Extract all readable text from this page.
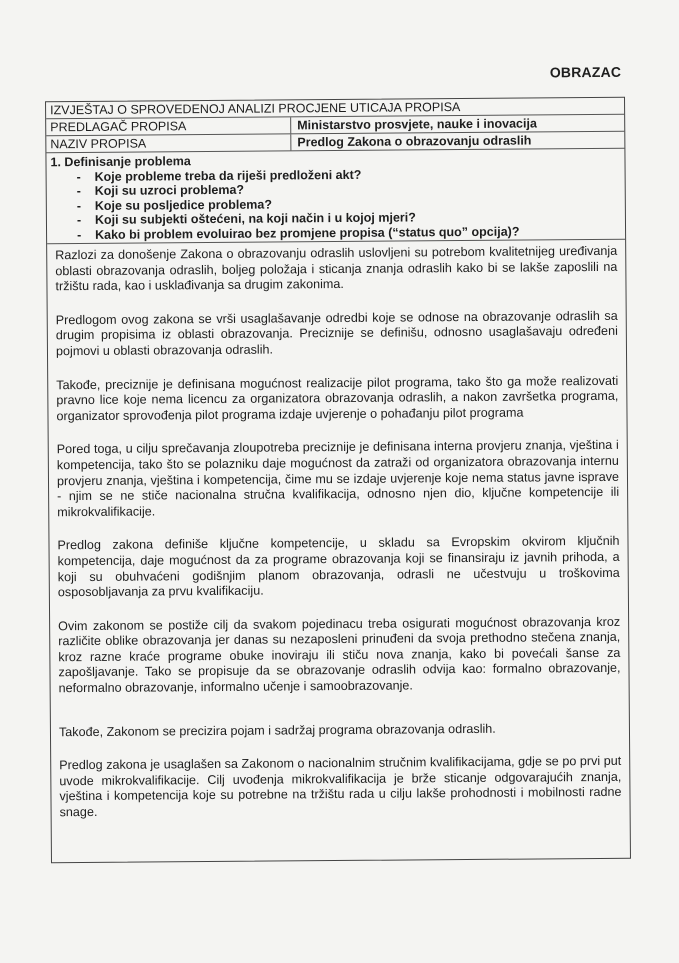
OBRAZAC
IZVJEŠTAJ O SPROVEDENOJ ANALIZI PROCJENE UTICAJA PROPISA
PREDLAGAČ PROPISA	Ministarstvo prosvjete, nauke i inovacija
NAZIV PROPISA	Predlog Zakona o obrazovanju odraslih
1. Definisanje problema
- Koje probleme treba da riješi predloženi akt?
- Koji su uzroci problema?
- Koje su posljedice problema?
- Koji su subjekti oštećeni, na koji način i u kojoj mjeri?
- Kako bi problem evoluirao bez promjene propisa (“status quo” opcija)?

Razlozi za donošenje Zakona o obrazovanju odraslih uslovljeni su potrebom kvalitetnijeg uređivanja oblasti obrazovanja odraslih, boljeg položaja i sticanja znanja odraslih kako bi se lakše zaposlili na tržištu rada, kao i usklađivanja sa drugim zakonima.

Predlogom ovog zakona se vrši usaglašavanje odredbi koje se odnose na obrazovanje odraslih sa drugim propisima iz oblasti obrazovanja. Preciznije se definišu, odnosno usaglašavaju određeni pojmovi u oblasti obrazovanja odraslih.

Takođe, preciznije je definisana mogućnost realizacije pilot programa, tako što ga može realizovati pravno lice koje nema licencu za organizatora obrazovanja odraslih, a nakon završetka programa, organizator sprovođenja pilot programa izdaje uvjerenje o pohađanju pilot programa

Pored toga, u cilju sprečavanja zloupotreba preciznije je definisana interna provjeru znanja, vještina i kompetencija, tako što se polazniku daje mogućnost da zatraži od organizatora obrazovanja internu provjeru znanja, vještina i kompetencija, čime mu se izdaje uvjerenje koje nema status javne isprave - njim se ne stiče nacionalna stručna kvalifikacija, odnosno njen dio, ključne kompetencije ili mikrokvalifikacije.

Predlog zakona definiše ključne kompetencije, u skladu sa Evropskim okvirom ključnih kompetencija, daje mogućnost da za programe obrazovanja koji se finansiraju iz javnih prihoda, a koji su obuhvaćeni godišnjim planom obrazovanja, odrasli ne učestvuju u troškovima osposobljavanja za prvu kvalifikaciju.

Ovim zakonom se postiže cilj da svakom pojedinacu treba osigurati mogućnost obrazovanja kroz različite oblike obrazovanja jer danas su nezaposleni prinuđeni da svoja prethodno stečena znanja, kroz razne kraće programe obuke inoviraju ili stiču nova znanja, kako bi povećali šanse za zapošljavanje. Tako se propisuje da se obrazovanje odraslih odvija kao: formalno obrazovanje, neformalno obrazovanje, informalno učenje i samoobrazovanje.

Takođe, Zakonom se precizira pojam i sadržaj programa obrazovanja odraslih.

Predlog zakona je usaglašen sa Zakonom o nacionalnim stručnim kvalifikacijama, gdje se po prvi put uvode mikrokvalifikacije. Cilj uvođenja mikrokvalifikacija je brže sticanje odgovarajućih znanja, vještina i kompetencija koje su potrebne na tržištu rada u cilju lakše prohodnosti i mobilnosti radne snage.
